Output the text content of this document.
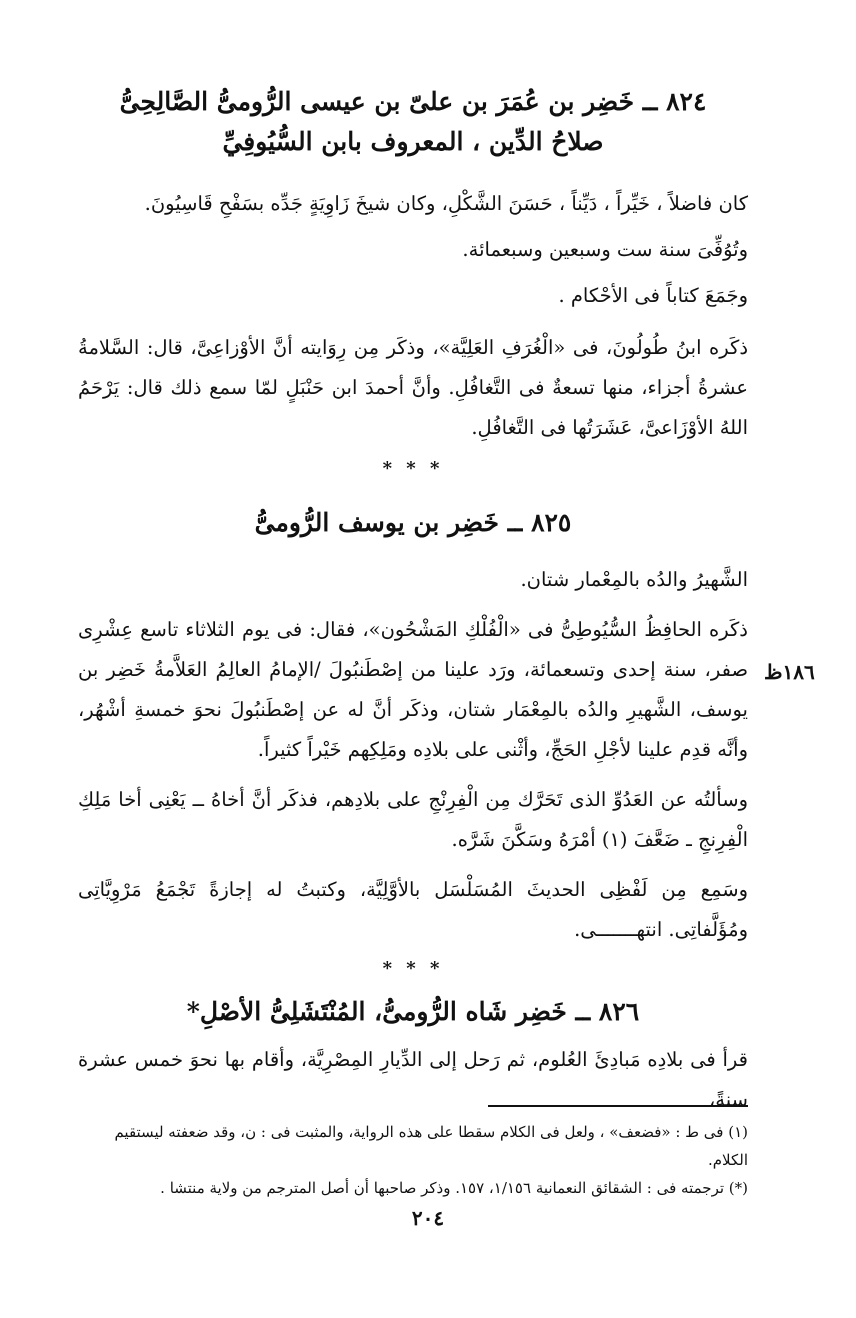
٨٢٤ ــ خَضِر بن عُمَرَ بن علىّ بن عيسى الرُّومىُّ الصَّالِحِىُّ

صلاحُ الدِّين ، المعروف بابن السُّيُوفِيِّ

كان فاضلاً ، خَيِّراً ، دَيِّناً ، حَسَنَ الشَّكْلِ، وكان شيخَ زَاوِيَةٍ جَدِّه بسَفْحِ قَاسِيُونَ.

وتُوُفِّىَ سنة ست وسبعين وسبعمائة.

وجَمَعَ كتاباً فى الأحْكام .

ذكَره ابنُ طُولُونَ، فى «الْغُرَفِ العَلِيَّة»، وذكَر مِن رِوَايته أنَّ الأوْزاعِىَّ، قال: السَّلامةُ عشرةُ أجزاء، منها تسعةٌ فى التَّغافُلِ. وأنَّ أحمدَ ابن حَنْبَلٍ لمّا سمع ذلك قال: يَرْحَمُ اللهُ الأوْزَاعىَّ، عَشَرَتُها فى التَّغافُلِ.

* * *

٨٢٥ ــ خَضِر بن يوسف الرُّومىُّ

الشَّهيرُ والدُه بالمِعْمار شتان.

ذكَره الحافِظُ السُّيُوطِىُّ فى «الْفُلْكِ المَشْحُون»، فقال: فى يوم الثلاثاء تاسع عِشْرِى صفر، سنة إحدى وتسعمائة، ورَد علينا من إصْطَنبُولَ /الإمامُ العالِمُ العَلاَّمةُ خَضِر بن يوسف، الشَّهيرِ والدُه بالمِعْمَار شتان، وذكَر أنَّ له عن إصْطَنبُولَ نحوَ خمسةِ أشْهُر، وأنَّه قدِم علينا لأجْلِ الحَجِّ، وأثْنى على بلادِه ومَلِكِهم خَيْراً كثيراً.

وسألتُه عن العَدُوِّ الذى تَحَرَّك مِن الْفِرِنْجِ على بلادِهم، فذكَر أنَّ أخاهُ ــ يَعْنِى أخا مَلِكِ الْفِرِنجِ ـ ضَعَّفَ (١) أمْرَهُ وسَكَّنَ شَرَّه.

وسَمِع مِن لَفْظِى الحديثَ المُسَلْسَل بالأوَّلِيَّة، وكتبتُ له إجازةً تَجْمَعُ مَرْوِيَّاتِى ومُؤَلَّفاتِى. انتهـــــــى.

١٨٦ظ

* * *

٨٢٦ ــ خَضِر شَاه الرُّومىُّ، المُنْتَشَلِىُّ الأصْلِ*

قرأ فى بلادِه مَبادِئَ العُلوم، ثم رَحل إلى الدِّيارِ المِصْرِيَّة، وأقام بها نحوَ خمس عشرة سنةً،

(١) فى ط : «فضعف» ، ولعل فى الكلام سقطا على هذه الرواية، والمثبت فى : ن، وقد ضعفته ليستقيم الكلام.

(*) ترجمته فى : الشقائق النعمانية ١/١٥٦، ١٥٧. وذكر صاحبها أن أصل المترجم من ولاية منتشا .

٢٠٤
